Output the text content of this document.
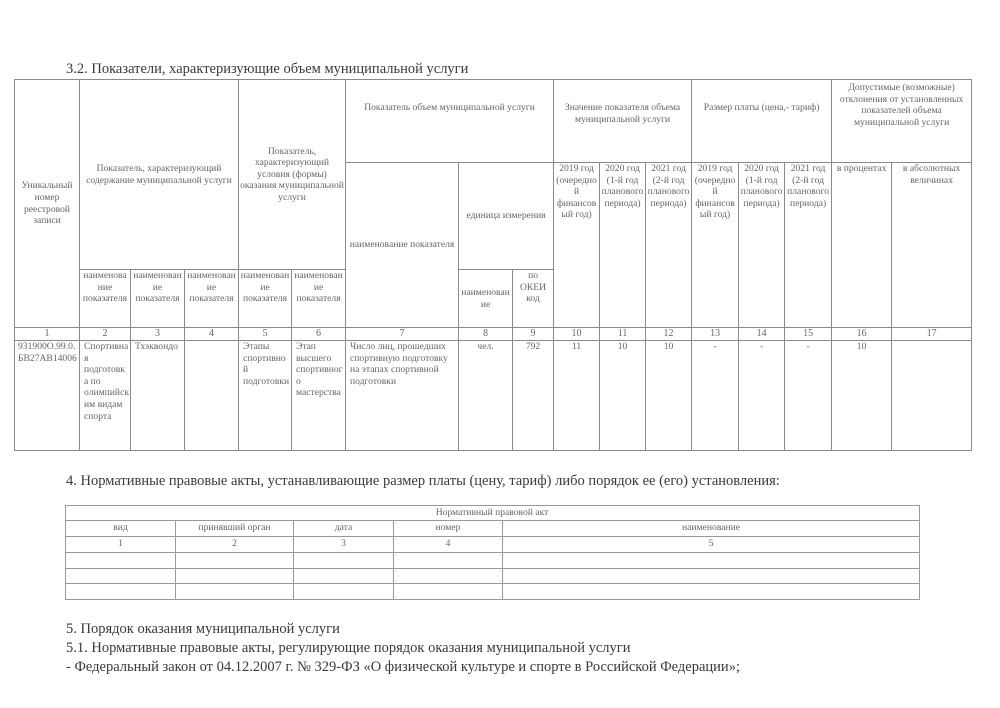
3.2. Показатели, характеризующие объем муниципальной услуги
Уникальный номер реестровой записи	Показатель, характеризующий содержание муниципальной услуги			Показатель, характеризующий условия (формы) оказания муниципальной услуги		Показатель объем муниципальной услуги			Значение показателя объема муниципальной услуги			Размер платы (цена,- тариф)			Допустимые (возможные) отклонения от установленных показателей объема муниципальной услуги	
						наименование показателя	единица измерения		2019 год (очередной финансовый год)	2020 год (1-й год планового периода)	2021 год (2-й год планового периода)	2019 год (очередной финансовый год)	2020 год (1-й год планового периода)	2021 год (2-й год планового периода)	в процентах	в абсолютных величинах
	наименование показателя	наименование показателя	наименование показателя	наименование показателя	наименование показателя		наименование	по ОКЕИ код								
1	2	3	4	5	6	7	8	9	10	11	12	13	14	15	16	17
931900О.99.0.БВ27АВ14006	Спортивная подготовка по олимпийским видам спорта	Тхэквондо		Этапы спортивной подготовки	Этап высшего спортивного мастерства	Число лиц, прошедших спортивную подготовку на этапах спортивной подготовки	чел.	792	11	10	10	-	-	-	10	
4. Нормативные правовые акты, устанавливающие размер платы (цену, тариф) либо порядок ее (его) установления:
Нормативный правовой акт				
вид	принявший орган	дата	номер	наименование
1	2	3	4	5

5. Порядок оказания муниципальной услуги
5.1. Нормативные правовые акты, регулирующие порядок оказания муниципальной услуги
- Федеральный закон от 04.12.2007 г. № 329-ФЗ «О физической культуре и спорте в Российской Федерации»;
